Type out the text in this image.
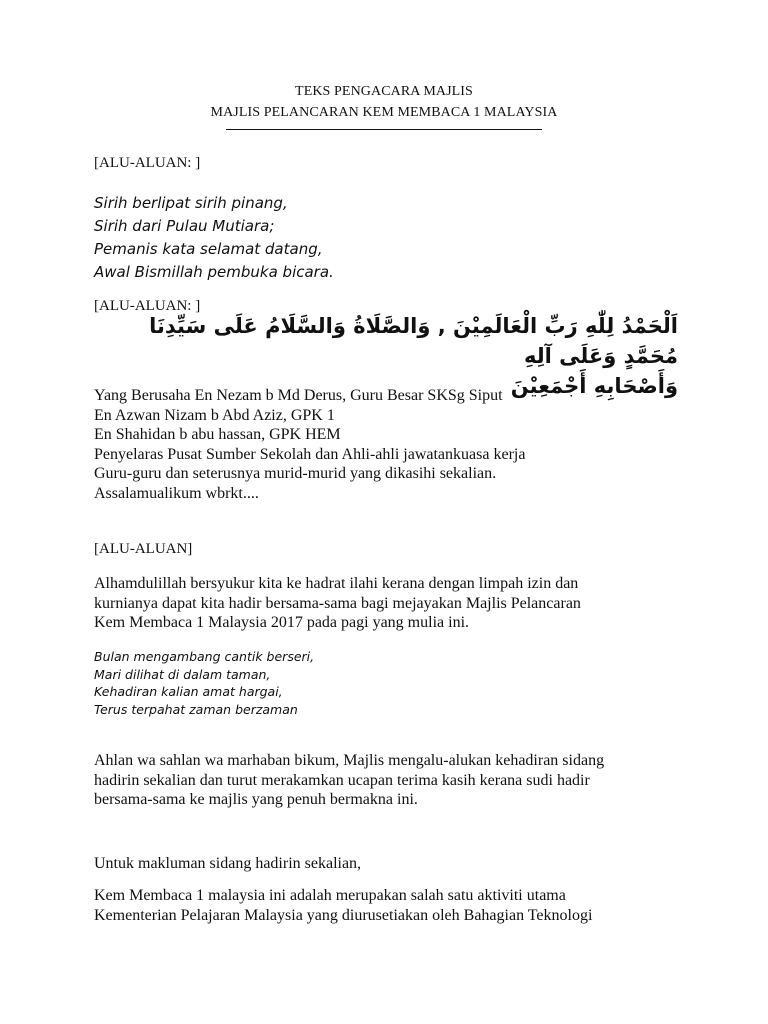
TEKS PENGACARA MAJLIS
MAJLIS PELANCARAN KEM MEMBACA 1 MALAYSIA
[ALU-ALUAN: ]
Sirih berlipat sirih pinang,
Sirih dari Pulau Mutiara;
Pemanis kata selamat datang,
Awal Bismillah pembuka bicara.
[ALU-ALUAN: ]
اَلْحَمْدُ لِلّٰهِ رَبِّ الْعَالَمِيْنَ , وَالصَّلَاةُ وَالسَّلَامُ عَلَى سَيِّدِنَا مُحَمَّدٍ وَعَلَى آلِهِ
وَأَصْحَابِهِ أَجْمَعِيْنَ
Yang Berusaha En Nezam b Md Derus, Guru Besar SKSg Siput
En Azwan Nizam b Abd Aziz, GPK 1
En Shahidan b abu hassan, GPK HEM
Penyelaras Pusat Sumber Sekolah dan Ahli-ahli jawatankuasa kerja
Guru-guru dan seterusnya murid-murid yang dikasihi sekalian.
Assalamualikum wbrkt....
[ALU-ALUAN]
Alhamdulillah bersyukur kita ke hadrat ilahi kerana dengan limpah izin dan
kurnianya dapat kita hadir bersama-sama bagi mejayakan Majlis Pelancaran
Kem Membaca 1 Malaysia 2017 pada pagi yang mulia ini.
Bulan mengambang cantik berseri,
Mari dilihat di dalam taman,
Kehadiran kalian amat hargai,
Terus terpahat zaman berzaman
Ahlan wa sahlan wa marhaban bikum, Majlis mengalu-alukan kehadiran sidang
hadirin sekalian dan turut merakamkan ucapan terima kasih kerana sudi hadir
bersama-sama ke majlis yang penuh bermakna ini.
Untuk makluman sidang hadirin sekalian,
Kem Membaca 1 malaysia ini adalah merupakan salah satu aktiviti utama
Kementerian Pelajaran Malaysia yang diurusetiakan oleh Bahagian Teknologi
